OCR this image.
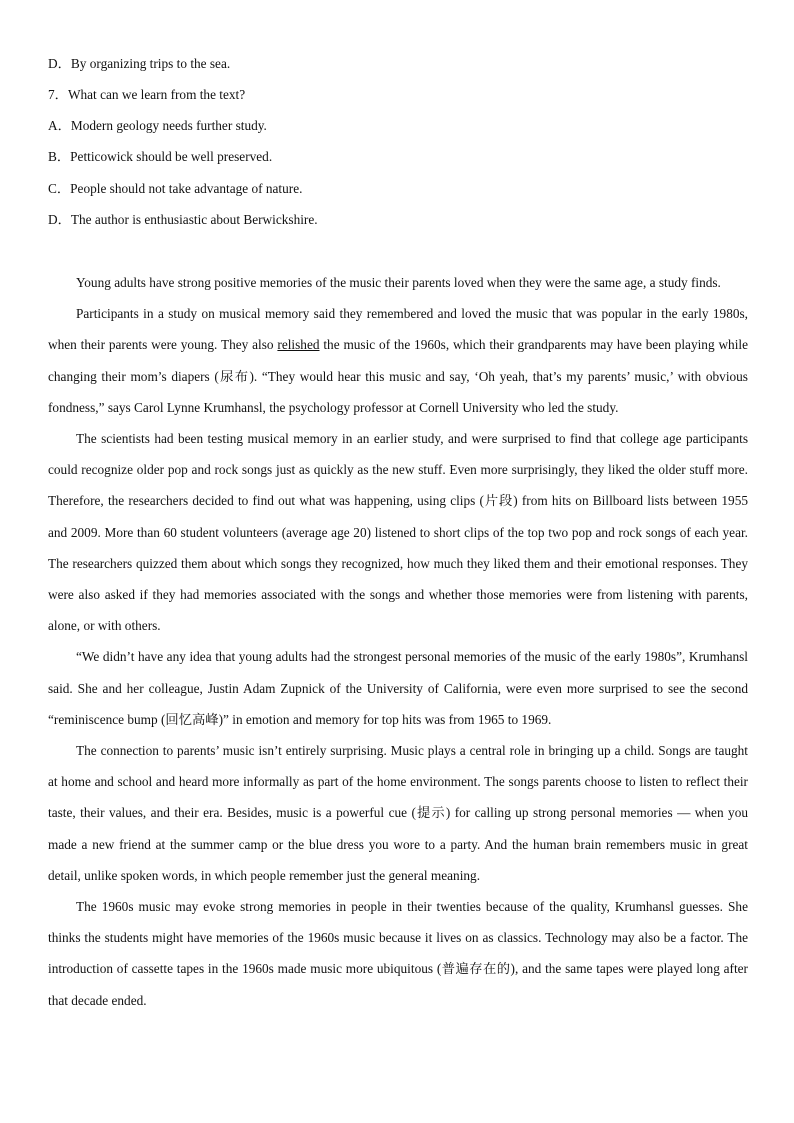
D．By organizing trips to the sea.
7．What can we learn from the text?
A．Modern geology needs further study.
B．Petticowick should be well preserved.
C．People should not take advantage of nature.
D．The author is enthusiastic about Berwickshire.

Young adults have strong positive memories of the music their parents loved when they were the same age, a study finds.

Participants in a study on musical memory said they remembered and loved the music that was popular in the early 1980s, when their parents were young. They also relished the music of the 1960s, which their grandparents may have been playing while changing their mom’s diapers (尿布). “They would hear this music and say, ‘Oh yeah, that’s my parents’ music,’ with obvious fondness,” says Carol Lynne Krumhansl, the psychology professor at Cornell University who led the study.

The scientists had been testing musical memory in an earlier study, and were surprised to find that college age participants could recognize older pop and rock songs just as quickly as the new stuff. Even more surprisingly, they liked the older stuff more. Therefore, the researchers decided to find out what was happening, using clips (片段) from hits on Billboard lists between 1955 and 2009. More than 60 student volunteers (average age 20) listened to short clips of the top two pop and rock songs of each year. The researchers quizzed them about which songs they recognized, how much they liked them and their emotional responses. They were also asked if they had memories associated with the songs and whether those memories were from listening with parents, alone, or with others.

“We didn’t have any idea that young adults had the strongest personal memories of the music of the early 1980s”, Krumhansl said. She and her colleague, Justin Adam Zupnick of the University of California, were even more surprised to see the second “reminiscence bump (回忆高峰)” in emotion and memory for top hits was from 1965 to 1969.

The connection to parents’ music isn’t entirely surprising. Music plays a central role in bringing up a child. Songs are taught at home and school and heard more informally as part of the home environment. The songs parents choose to listen to reflect their taste, their values, and their era. Besides, music is a powerful cue (提示) for calling up strong personal memories — when you made a new friend at the summer camp or the blue dress you wore to a party. And the human brain remembers music in great detail, unlike spoken words, in which people remember just the general meaning.

The 1960s music may evoke strong memories in people in their twenties because of the quality, Krumhansl guesses. She thinks the students might have memories of the 1960s music because it lives on as classics. Technology may also be a factor. The introduction of cassette tapes in the 1960s made music more ubiquitous (普遍存在的), and the same tapes were played long after that decade ended.
